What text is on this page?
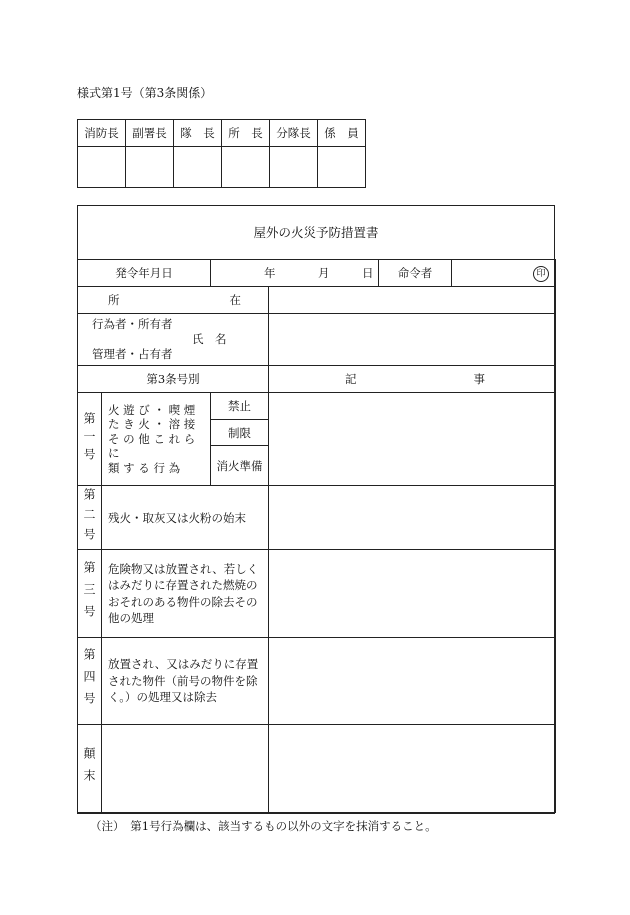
様式第1号（第3条関係）
消防長	副署長	隊　長	所　長	分隊長	係　員

屋外の火災予防措置書
発令年月日		年 月 日		命令者	印

所 在					

行為者・所有者
氏　名
管理者・占有者					

第3条号別			記 事		

第一号	火 遊 び ・ 喫 煙
た き 火 ・ 溶 接
そ の 他 こ れ ら に
類 す る 行 為	禁止			
		制限			
		消火準備			

第二号	残火・取灰又は火粉の始末				

第三号	危険物又は放置され、若しくはみだりに存置された燃焼のおそれのある物件の除去その他の処理				

第四号	放置され、又はみだりに存置された物件（前号の物件を除く。）の処理又は除去				

顛末					

（注）　第1号行為欄は、該当するもの以外の文字を抹消すること。
